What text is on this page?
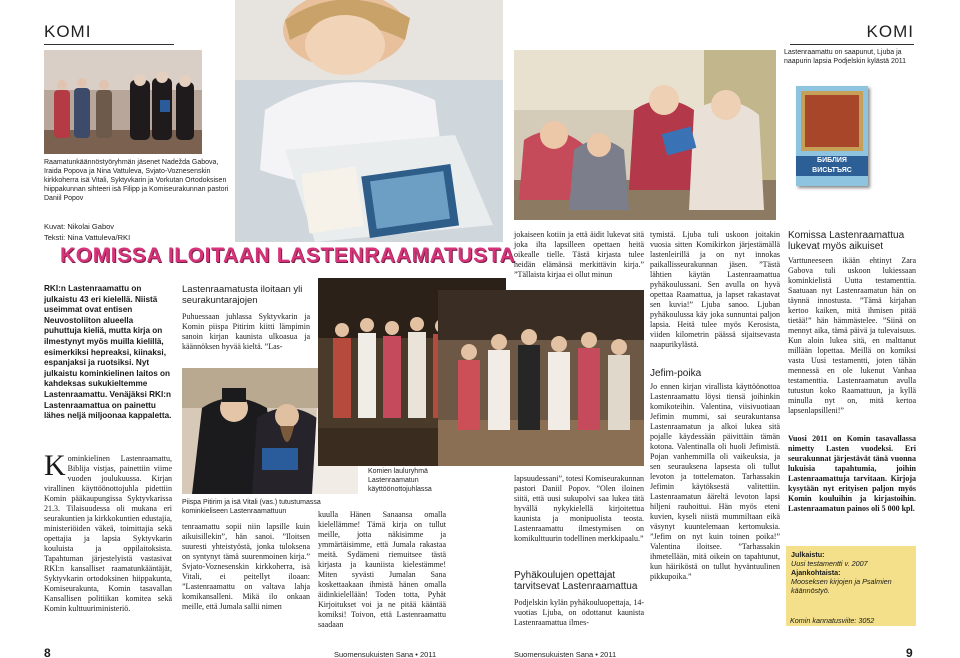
KOMI	KOMI
Raamatunkäännöstyöryhmän jäsenet Nadežda Gabova, Iraida Popova ja Nina Vattuleva, Svjato-Voznesenskin kirkkoherra isä Vitali, Syktyvkarin ja Vorkutan Ortodoksisen hiippakunnan sihteeri isä Filipp ja Komiseurakunnan pastori Daniil Popov
БИБЛИЯ
ВИСЬТЪЯС
Lastenraamattu on saapunut, Ljuba ja naapurin lapsia Podjelskin kylästä 2011
Kuvat: Nikolai Gabov
Teksti: Nina Vattuleva/RKI
KOMISSA ILOITAAN LASTENRAAMATUSTA
RKI:n Lastenraamattu on julkaistu 43 eri kielellä. Niistä useimmat ovat entisen Neuvostoliiton alueella puhuttuja kieliä, mutta kirja on ilmestynyt myös muilla kielillä, esimerkiksi hepreaksi, kiinaksi, espanjaksi ja ruotsiksi. Nyt julkaistu kominkielinen laitos on kahdeksas sukukieltemme Lastenraamattu. Venäjäksi RKI:n Lastenraamattua on painettu lähes neljä miljoonaa kappaletta.
Kominkielinen Lastenraamattu, Biblija vistjas, painettiin viime vuoden joulukuussa. Kirjan virallinen käyttöönottojuhla pidettiin Komin pääkaupungissa Syktyvkarissa 21.3. Tilaisuudessa oli mukana eri seurakuntien ja kirkkokuntien edustajia, ministeriöiden väkeä, toimittajia sekä opettajia ja lapsia Syktyvkarin kouluista ja oppilaitoksista. Tapahtuman järjestelyistä vastasivat RKI:n kansalliset raamatunkääntäjät, Syktyvkarin ortodoksinen hiippakunta, Komiseurakunta, Komin tasavallan Kansallisen politiikan komitea sekä Komin kulttuuriministeriö.
Lastenraamatusta iloitaan yli seurakuntarajojen
Puhuessaan juhlassa Syktyvkarin ja Komin piispa Pitirim kiitti lämpimin sanoin kirjan kaunista ulkoasua ja käännöksen hyvää kieltä. ”Las-
Piispa Pitirim ja isä Vitali (vas.) tutustumassa kominkieliseen Lastenraamattuun
tenraamattu sopii niin lapsille kuin aikuisillekin”, hän sanoi. ”Iloitsen suuresti yhteistyöstä, jonka tuloksena on syntynyt tämä suurenmoinen kirja.” Svjato-Voznesenskin kirkkoherra, isä Vitali, ei peitellyt iloaan: ”Lastenraamattu on valtava lahja komikansalleni. Mikä ilo onkaan meille, että Jumala sallii nimen
Komien lauluryhmä Lastenraamatun käyttöönottojuhlassa
kuulla Hänen Sanaansa omalla kielellämme! Tämä kirja on tullut meille, jotta näkisimme ja ymmärtäisimme, että Jumala rakastaa meitä. Sydämeni riemuitsee tästä kirjasta ja kauniista kielestämme! Miten syvästi Jumalan Sana koskettaakaan ihmistä hänen omalla äidinkielellään! Toden totta, Pyhät Kirjoitukset voi ja ne pitää kääntää komiksi! Toivon, että Lastenraamattu saadaan
jokaiseen kotiin ja että äidit lukevat sitä joka ilta lapsilleen opettaen heitä oikealle tielle. Tästä kirjasta tulee heidän elämänsä merkittävin kirja.” ”Tällaista kirjaa ei ollut minun
lapsuudessani”, totesi Komiseurakunnan pastori Daniil Popov. ”Olen iloinen siitä, että uusi sukupolvi saa lukea tätä hyvällä nykykielellä kirjoitettua kaunista ja monipuolista teosta. Lastenraamattu ilmestymisen on komikulttuurin todellinen merkkipaalu.”
Pyhäkoulujen opettajat tarvitsevat Lastenraamattua
Podjelskin kylän pyhäkouluopettaja, 14-vuotias Ljuba, on odottanut kaunista Lastenraamattua ilmes-
tymistä. Ljuba tuli uskoon joitakin vuosia sitten Komikirkon järjestämällä lastenleirillä ja on nyt innokas paikallisseurakunnan jäsen. ”Tästä lähtien käytän Lastenraamattua pyhäkoulussani. Sen avulla on hyvä opettaa Raamattua, ja lapset rakastavat sen kuvia!” Ljuba sanoo. Ljuban pyhäkoulussa käy joka sunnuntai paljon lapsia. Heitä tulee myös Kerosista, viiden kilometrin päässä sijaitsevasta naapurikylästä.
Jefim-poika
Jo ennen kirjan virallista käyttöönottoa Lastenraamattu löysi tiensä joihinkin komikoteihin. Valentina, viisivuotiaan Jefimin mummi, sai seurakuntansa Lastenraamatun ja alkoi lukea sitä pojalle käydessään päivittäin tämän kotona. Valentinalla oli huoli Jefimistä. Pojan vanhemmilla oli vaikeuksia, ja sen seurauksena lapsesta oli tullut levoton ja tottelematon. Tarhassakin Jefimin käytöksestä valitettiin. Lastenraamatun ääreltä levoton lapsi hiljeni rauhoittui. Hän myös eteni kuvien, kyseli niistä mummiltaan eikä väsynyt kuuntelemaan kertomuksia. ”Jefim on nyt kuin toinen poika!” Valentina iloitsee. ”Tarhassakin ihmetellään, mitä oikein on tapahtunut, kun häiriköstä on tullut hyväntuulinen pikkupoika.”
Komissa Lastenraamattua lukevat myös aikuiset
Varttuneeseen ikään ehtinyt Zara Gabova tuli uskoon lukiessaan kominkielistä Uutta testamenttia. Saatuaan nyt Lastenraamatun hän on täynnä innostusta. ”Tämä kirjahan kertoo kaiken, mitä ihmisen pitää tietää!” hän hämmästelee. ”Siinä on mennyt aika, tämä päivä ja tulevaisuus. Kun aloin lukea sitä, en malttanut millään lopettaa. Meillä on komiksi vasta Uusi testamentti, joten tähän mennessä en ole lukenut Vanhaa testamenttia. Lastenraamatun avulla tutustun koko Raamattuun, ja kyllä minulla nyt on, mitä kertoa lapsenlapsilleni!”
Vuosi 2011 on Komin tasavallassa nimetty Lasten vuodeksi. Eri seurakunnat järjestävät tänä vuonna lukuisia tapahtumia, joihin Lastenraamattuja tarvitaan. Kirjoja kysytään nyt erityisen paljon myös Komin kouluihin ja kirjastoihin. Lastenraamatun painos oli 5 000 kpl.
Julkaistu:
Uusi testamentti v. 2007
Ajankohtaista:
Mooseksen kirjojen ja Psalmien käännöstyö.
Komin kannatusviite: 3052
8	Suomensukuisten Sana • 2011	Suomensukuisten Sana • 2011	9
